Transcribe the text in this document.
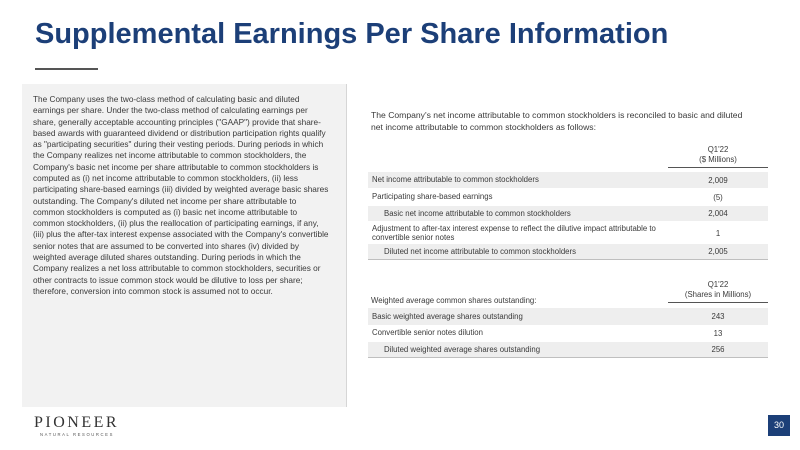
Supplemental Earnings Per Share Information
The Company uses the two-class method of calculating basic and diluted earnings per share. Under the two-class method of calculating earnings per share, generally acceptable accounting principles ("GAAP") provide that share-based awards with guaranteed dividend or distribution participation rights qualify as "participating securities" during their vesting periods. During periods in which the Company realizes net income attributable to common stockholders, the Company's basic net income per share attributable to common stockholders is computed as (i) net income attributable to common stockholders, (ii) less participating share-based earnings (iii) divided by weighted average basic shares outstanding. The Company's diluted net income per share attributable to common stockholders is computed as (i) basic net income attributable to common stockholders, (ii) plus the reallocation of participating earnings, if any, (iii) plus the after-tax interest expense associated with the Company's convertible senior notes that are assumed to be converted into shares (iv) divided by weighted average diluted shares outstanding. During periods in which the Company realizes a net loss attributable to common stockholders, securities or other contracts to issue common stock would be dilutive to loss per share; therefore, conversion into common stock is assumed not to occur.
The Company's net income attributable to common stockholders is reconciled to basic and diluted net income attributable to common stockholders as follows:
Q1'22
($ Millions)
Net income attributable to common stockholders	2,009
Participating share-based earnings	(5)
Basic net income attributable to common stockholders	2,004
Adjustment to after-tax interest expense to reflect the dilutive impact attributable to convertible senior notes	1
Diluted net income attributable to common stockholders	2,005
Weighted average common shares outstanding:
Q1'22
(Shares in Millions)
Basic weighted average shares outstanding	243
Convertible senior notes dilution	13
Diluted weighted average shares outstanding	256
PIONEER
NATURAL RESOURCES
30
